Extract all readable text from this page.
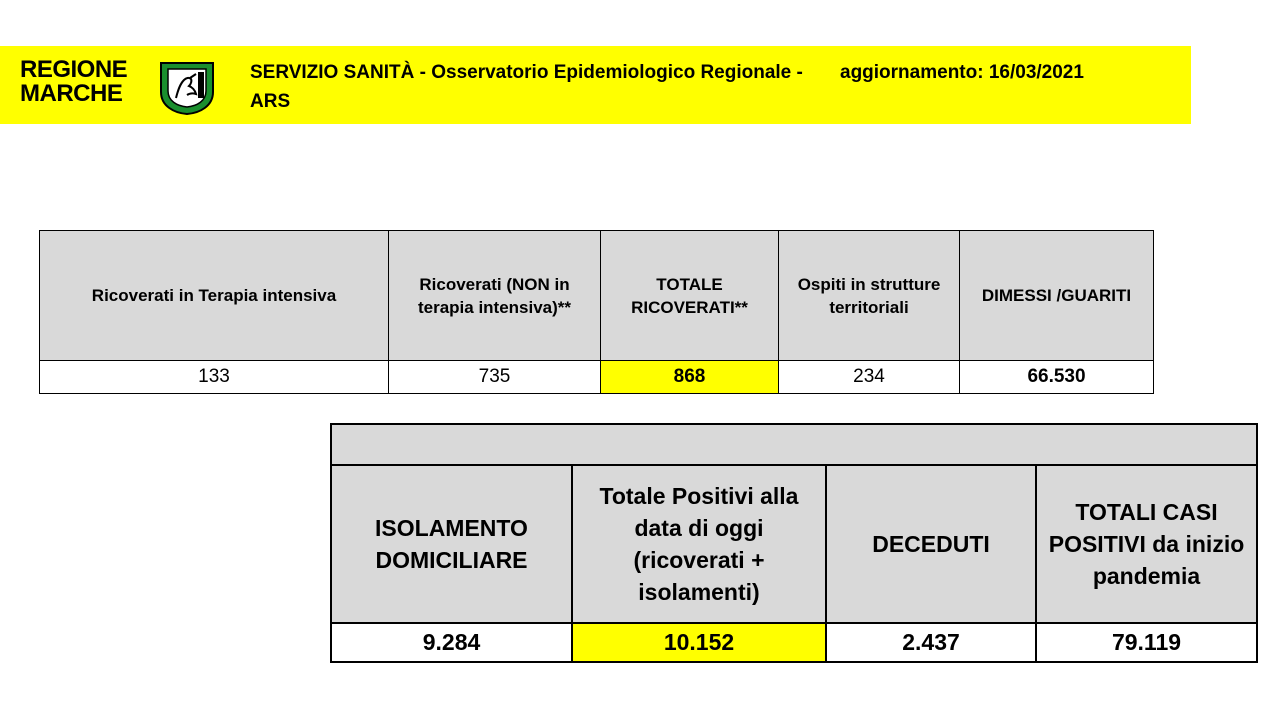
REGIONE
MARCHE
SERVIZIO SANITÀ - Osservatorio Epidemiologico Regionale - ARS
aggiornamento: 16/03/2021
Ricoverati in Terapia intensiva	Ricoverati (NON in terapia intensiva)**	TOTALE RICOVERATI**	Ospiti in strutture territoriali	DIMESSI /GUARITI
133	735	868	234	66.530

ISOLAMENTO DOMICILIARE	Totale Positivi alla data di oggi (ricoverati + isolamenti)	DECEDUTI	TOTALI CASI POSITIVI da inizio pandemia
9.284	10.152	2.437	79.119
